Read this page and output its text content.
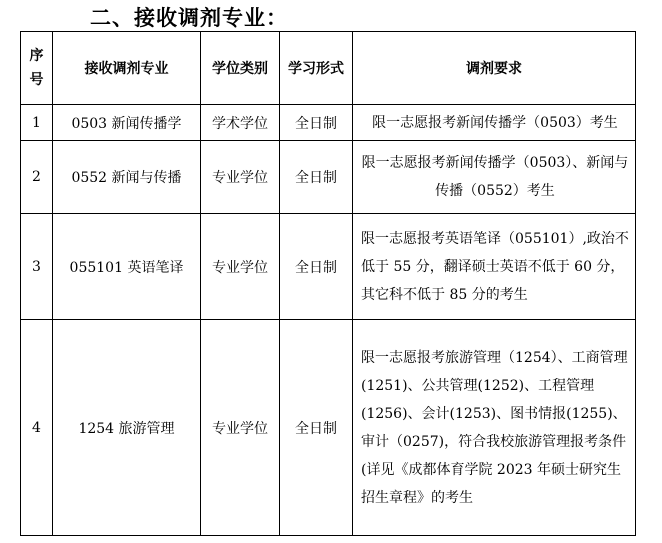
二、接收调剂专业：
序号	接收调剂专业	学位类别	学习形式	调剂要求
1	0503 新闻传播学	学术学位	全日制	限一志愿报考新闻传播学（0503）考生
2	0552 新闻与传播	专业学位	全日制	限一志愿报考新闻传播学（0503）、新闻与传播（0552）考生
3	055101 英语笔译	专业学位	全日制	限一志愿报考英语笔译（055101）,政治不低于 55 分，翻译硕士英语不低于 60 分，其它科不低于 85 分的考生
4	1254 旅游管理	专业学位	全日制	限一志愿报考旅游管理（1254）、工商管理(1251)、公共管理(1252)、工程管理(1256)、会计(1253)、图书情报(1255)、审计（0257)，符合我校旅游管理报考条件(详见《成都体育学院 2023 年硕士研究生招生章程》的考生
